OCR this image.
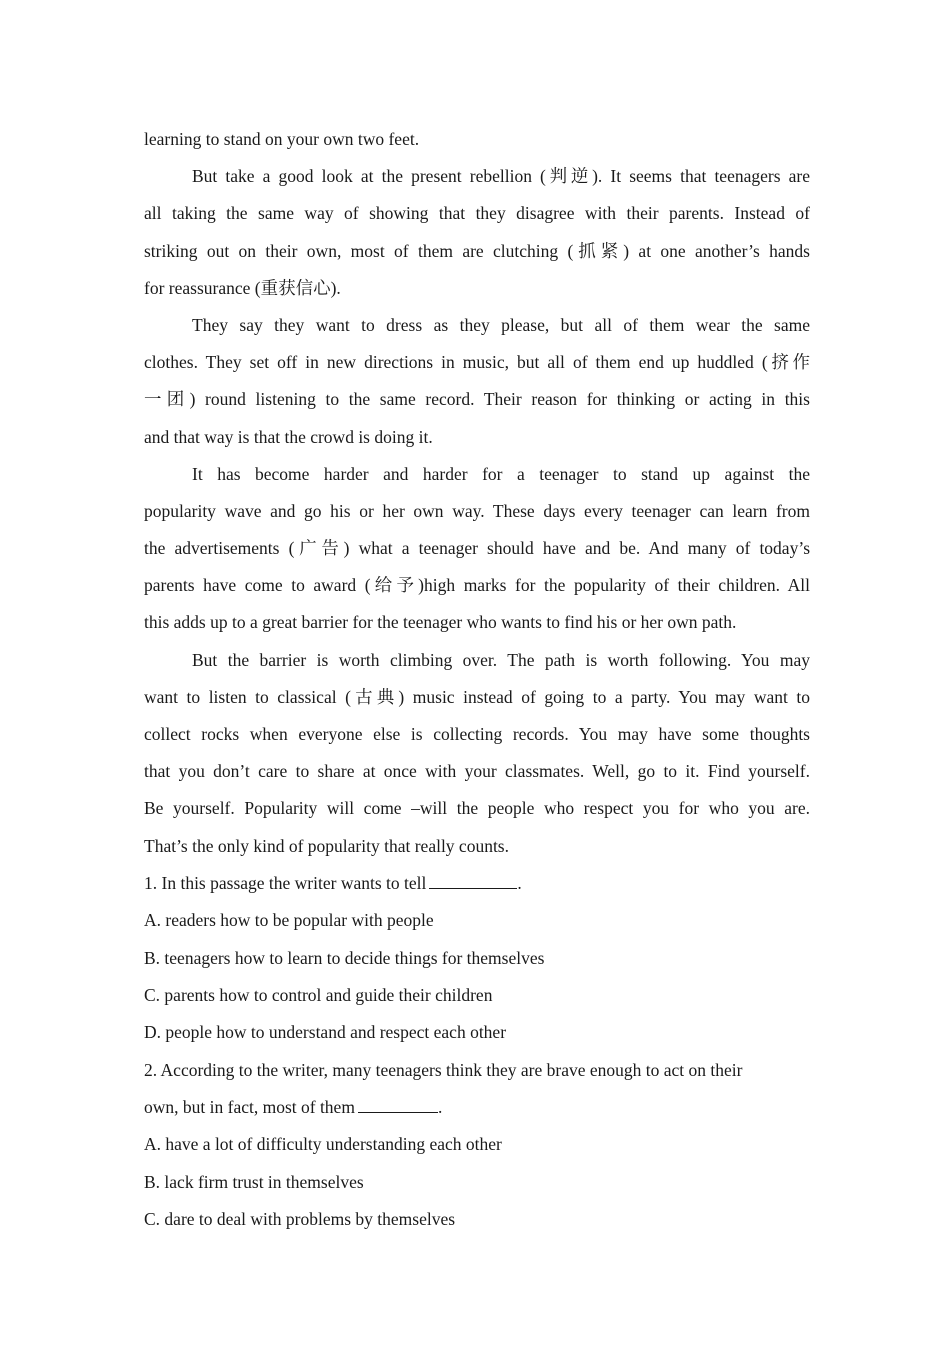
learning to stand on your own two feet.
But take a good look at the present rebellion (判逆). It seems that teenagers are
all taking the same way of showing that they disagree with their parents. Instead of
striking out on their own, most of them are clutching (抓紧) at one another’s hands
for reassurance (重获信心).
They say they want to dress as they please, but all of them wear the same
clothes. They set off in new directions in music, but all of them end up huddled (挤作
一团) round listening to the same record. Their reason for thinking or acting in this
and that way is that the crowd is doing it.
It has become harder and harder for a teenager to stand up against the
popularity wave and go his or her own way. These days every teenager can learn from
the advertisements (广告) what a teenager should have and be. And many of today’s
parents have come to award (给予)high marks for the popularity of their children. All
this adds up to a great barrier for the teenager who wants to find his or her own path.
But the barrier is worth climbing over. The path is worth following. You may
want to listen to classical (古典) music instead of going to a party. You may want to
collect rocks when everyone else is collecting records. You may have some thoughts
that you don’t care to share at once with your classmates. Well, go to it. Find yourself.
Be yourself. Popularity will come –will the people who respect you for who you are.
That’s the only kind of popularity that really counts.
1. In this passage the writer wants to tell	.
A. readers how to be popular with people
B. teenagers how to learn to decide things for themselves
C. parents how to control and guide their children
D. people how to understand and respect each other
2. According to the writer, many teenagers think they are brave enough to act on their
own, but in fact, most of them	.
A. have a lot of difficulty understanding each other
B. lack firm trust in themselves
C. dare to deal with problems by themselves
